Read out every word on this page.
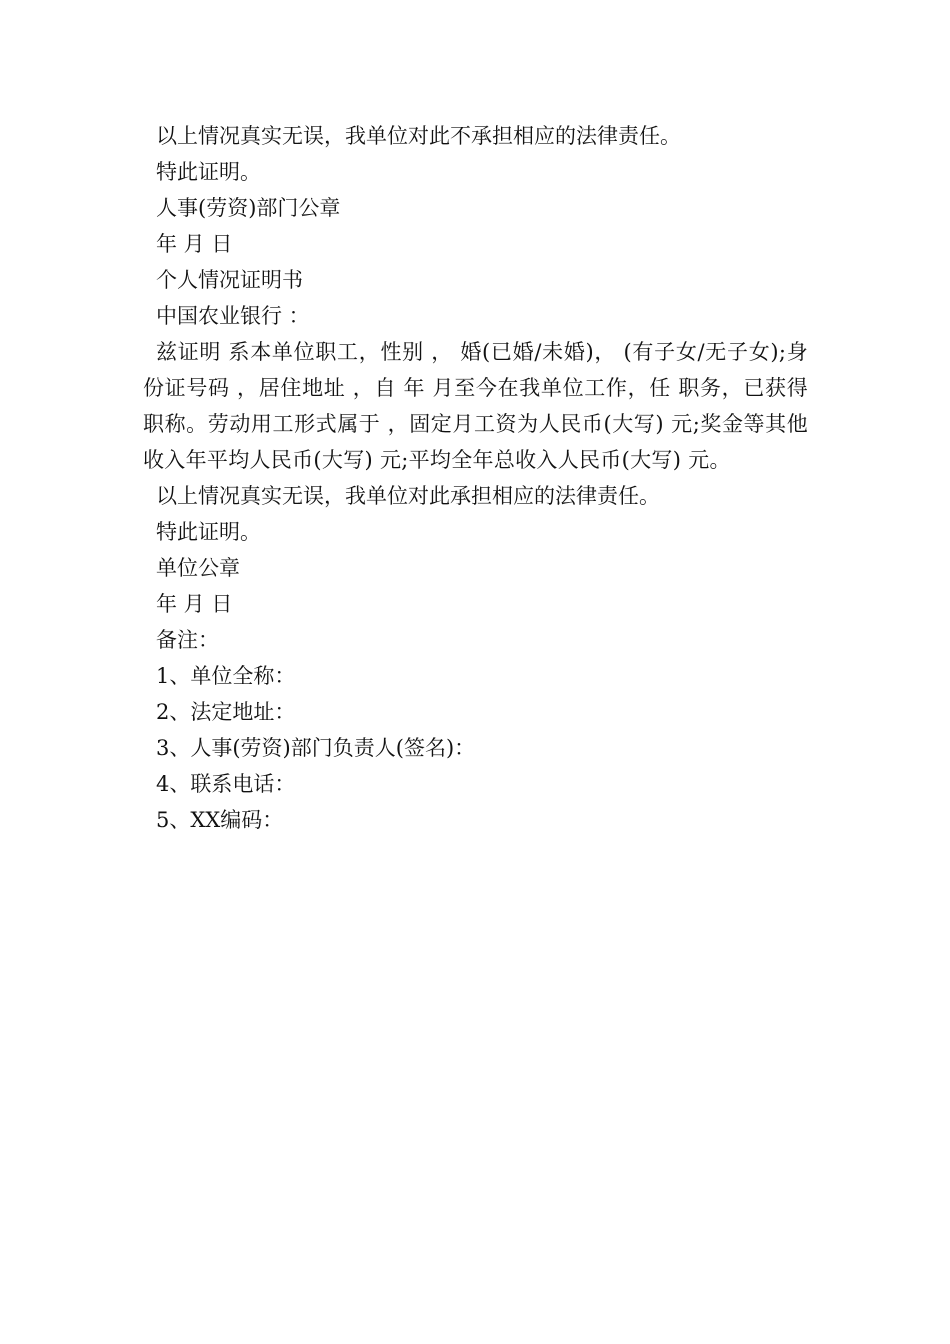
以上情况真实无误，我单位对此不承担相应的法律责任。

特此证明。

人事(劳资)部门公章

年 月 日

个人情况证明书

中国农业银行 ：

兹证明 系本单位职工，性别 ， 婚(已婚/未婚)， (有子女/无子女);身份证号码 ，居住地址 ，自 年 月至今在我单位工作，任 职务，已获得 职称。劳动用工形式属于 ，固定月工资为人民币(大写) 元;奖金等其他收入年平均人民币(大写) 元;平均全年总收入人民币(大写) 元。

以上情况真实无误，我单位对此承担相应的法律责任。

特此证明。

单位公章

年 月 日

备注：

1、单位全称：

2、法定地址：

3、人事(劳资)部门负责人(签名)：

4、联系电话：

5、XX编码：
